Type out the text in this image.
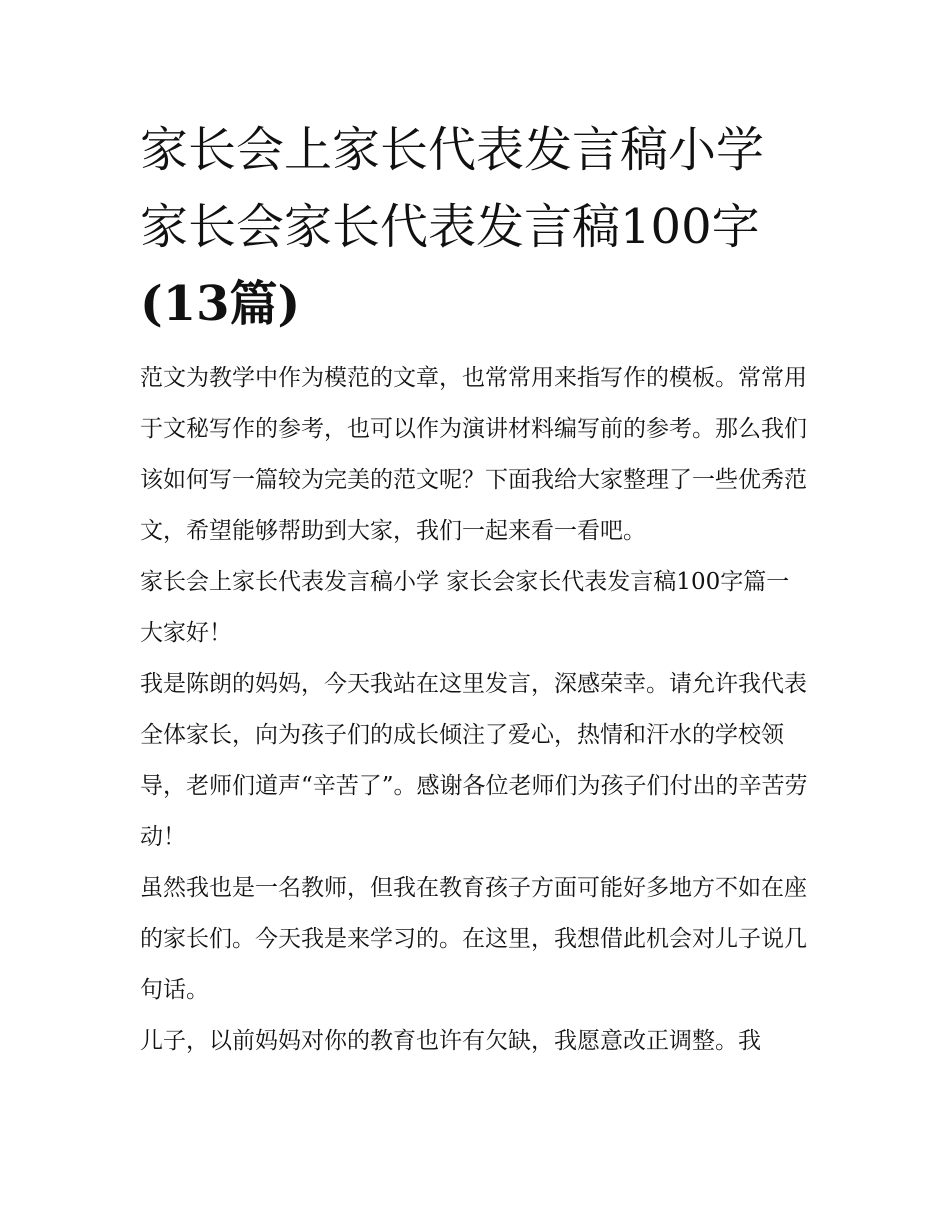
家长会上家长代表发言稿小学
家长会家长代表发言稿100字
(13篇)

范文为教学中作为模范的文章，也常常用来指写作的模板。常常用于文秘写作的参考，也可以作为演讲材料编写前的参考。那么我们该如何写一篇较为完美的范文呢？下面我给大家整理了一些优秀范文，希望能够帮助到大家，我们一起来看一看吧。

家长会上家长代表发言稿小学 家长会家长代表发言稿100字篇一 大家好！

我是陈朗的妈妈，今天我站在这里发言，深感荣幸。请允许我代表全体家长，向为孩子们的成长倾注了爱心，热情和汗水的学校领导，老师们道声“辛苦了”。感谢各位老师们为孩子们付出的辛苦劳动！

虽然我也是一名教师，但我在教育孩子方面可能好多地方不如在座的家长们。今天我是来学习的。在这里，我想借此机会对儿子说几句话。

儿子，以前妈妈对你的教育也许有欠缺，我愿意改正调整。我
